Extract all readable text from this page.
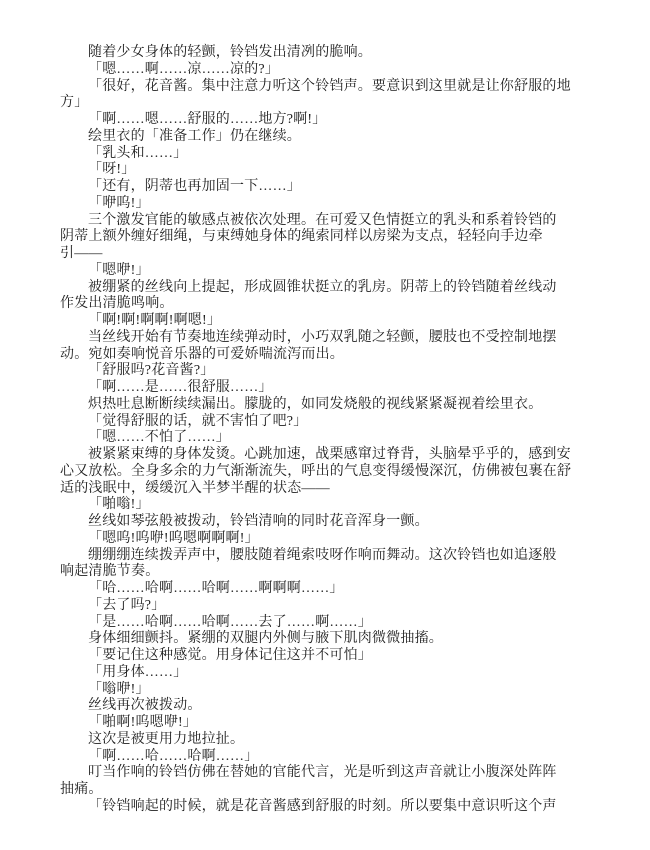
随着少女身体的轻颤，铃铛发出清冽的脆响。
「嗯……啊……凉……凉的?」
「很好，花音酱。集中注意力听这个铃铛声。要意识到这里就是让你舒服的地
方」
「啊……嗯……舒服的……地方?啊!」
绘里衣的「准备工作」仍在继续。
「乳头和……」
「呀!」
「还有，阴蒂也再加固一下……」
「咿呜!」
三个激发官能的敏感点被依次处理。在可爱又色情挺立的乳头和系着铃铛的
阴蒂上额外缠好细绳，与束缚她身体的绳索同样以房梁为支点，轻轻向手边牵
引——
「嗯咿!」
被绷紧的丝线向上提起，形成圆锥状挺立的乳房。阴蒂上的铃铛随着丝线动
作发出清脆鸣响。
「啊!啊!啊啊!啊嗯!」
当丝线开始有节奏地连续弹动时，小巧双乳随之轻颤，腰肢也不受控制地摆
动。宛如奏响悦音乐器的可爱娇喘流泻而出。
「舒服吗?花音酱?」
「啊……是……很舒服……」
炽热吐息断断续续漏出。朦胧的，如同发烧般的视线紧紧凝视着绘里衣。
「觉得舒服的话，就不害怕了吧?」
「嗯……不怕了……」
被紧紧束缚的身体发烫。心跳加速，战栗感窜过脊背，头脑晕乎乎的，感到安
心又放松。全身多余的力气渐渐流失，呼出的气息变得缓慢深沉，仿佛被包裹在舒
适的浅眠中，缓缓沉入半梦半醒的状态——
「啪嗡!」
丝线如琴弦般被拨动，铃铛清响的同时花音浑身一颤。
「嗯呜!呜咿!呜嗯啊啊啊!」
绷绷绷连续拨弄声中，腰肢随着绳索吱呀作响而舞动。这次铃铛也如追逐般
响起清脆节奏。
「哈……哈啊……哈啊……啊啊啊……」
「去了吗?」
「是……哈啊……哈啊……去了……啊……」
身体细细颤抖。紧绷的双腿内外侧与腋下肌肉微微抽搐。
「要记住这种感觉。用身体记住这并不可怕」
「用身体……」
「嗡咿!」
丝线再次被拨动。
「啪啊!呜嗯咿!」
这次是被更用力地拉扯。
「啊……哈……哈啊……」
叮当作响的铃铛仿佛在替她的官能代言，光是听到这声音就让小腹深处阵阵
抽痛。
「铃铛响起的时候，就是花音酱感到舒服的时刻。所以要集中意识听这个声
